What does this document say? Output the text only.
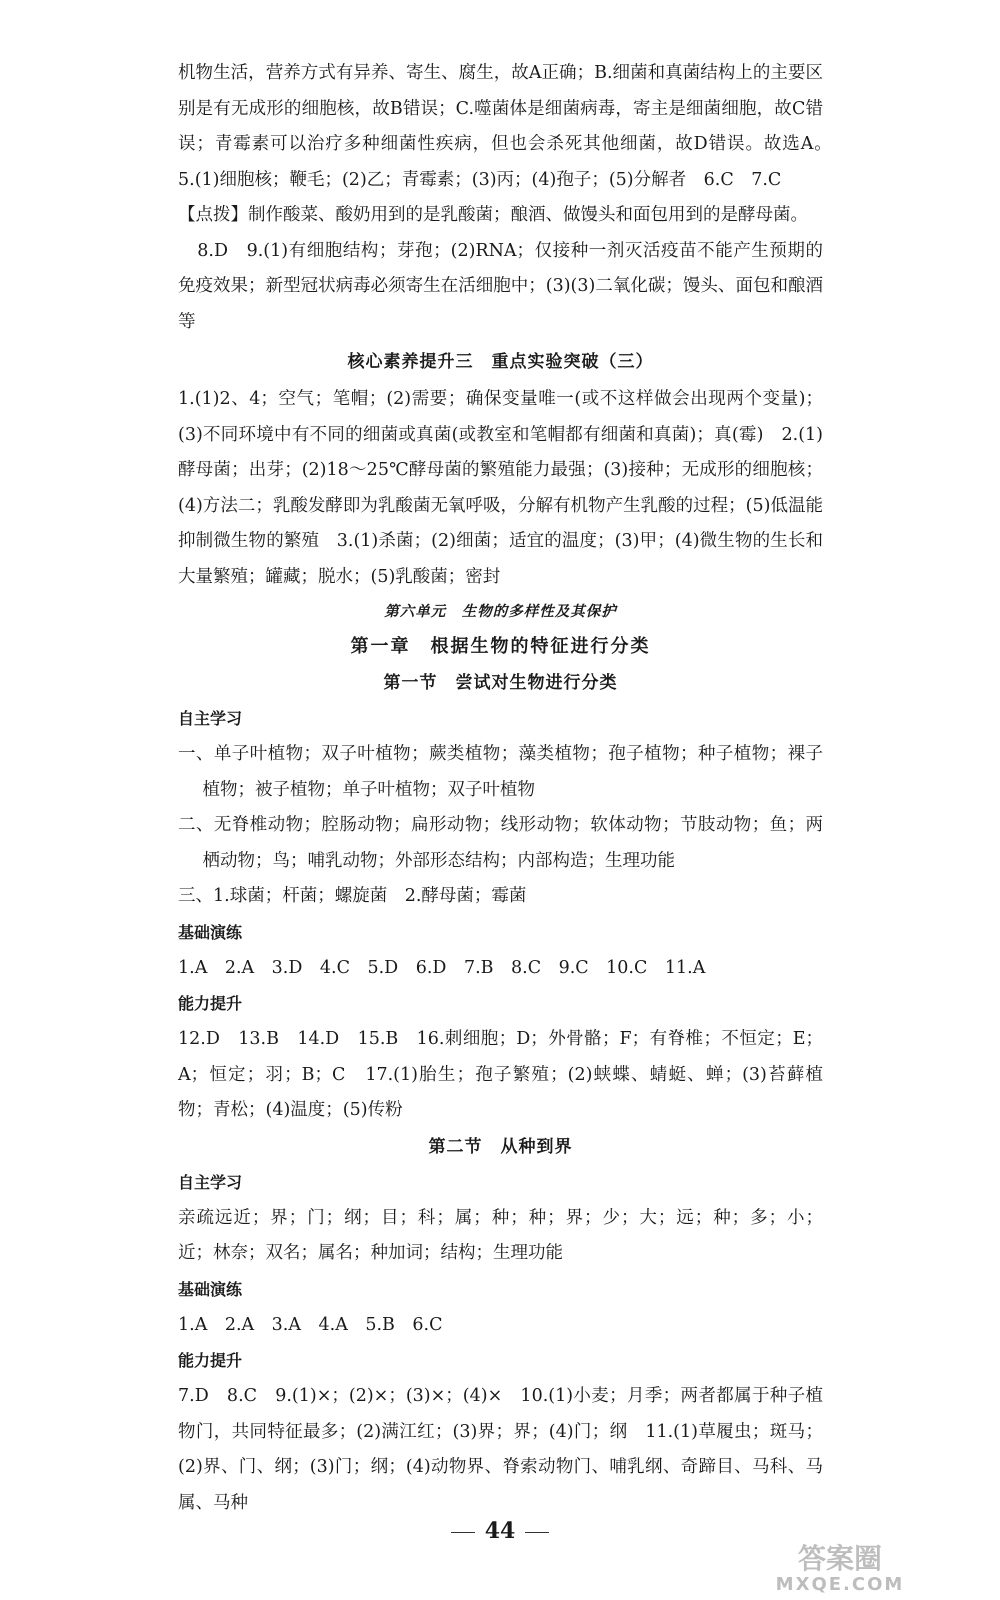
机物生活，营养方式有异养、寄生、腐生，故A正确；B.细菌和真菌结构上的主要区别是有无成形的细胞核，故B错误；C.噬菌体是细菌病毒，寄主是细菌细胞，故C错误；青霉素可以治疗多种细菌性疾病，但也会杀死其他细菌，故D错误。故选A。　5.(1)细胞核；鞭毛；(2)乙；青霉素；(3)丙；(4)孢子；(5)分解者　6.C　7.C

【点拨】制作酸菜、酸奶用到的是乳酸菌；酿酒、做馒头和面包用到的是酵母菌。

8.D　9.(1)有细胞结构；芽孢；(2)RNA；仅接种一剂灭活疫苗不能产生预期的免疫效果；新型冠状病毒必须寄生在活细胞中；(3)(3)二氧化碳；馒头、面包和酿酒等

核心素养提升三　重点实验突破（三）

1.(1)2、4；空气；笔帽；(2)需要；确保变量唯一(或不这样做会出现两个变量)；(3)不同环境中有不同的细菌或真菌(或教室和笔帽都有细菌和真菌)；真(霉)　2.(1)酵母菌；出芽；(2)18～25℃酵母菌的繁殖能力最强；(3)接种；无成形的细胞核；(4)方法二；乳酸发酵即为乳酸菌无氧呼吸，分解有机物产生乳酸的过程；(5)低温能抑制微生物的繁殖　3.(1)杀菌；(2)细菌；适宜的温度；(3)甲；(4)微生物的生长和大量繁殖；罐藏；脱水；(5)乳酸菌；密封

第六单元　生物的多样性及其保护

第一章　根据生物的特征进行分类

第一节　尝试对生物进行分类

自主学习

一、单子叶植物；双子叶植物；蕨类植物；藻类植物；孢子植物；种子植物；裸子植物；被子植物；单子叶植物；双子叶植物

二、无脊椎动物；腔肠动物；扁形动物；线形动物；软体动物；节肢动物；鱼；两栖动物；鸟；哺乳动物；外部形态结构；内部构造；生理功能

三、1.球菌；杆菌；螺旋菌　2.酵母菌；霉菌

基础演练

1.A　2.A　3.D　4.C　5.D　6.D　7.B　8.C　9.C　10.C　11.A

能力提升

12.D　13.B　14.D　15.B　16.刺细胞；D；外骨骼；F；有脊椎；不恒定；E；A；恒定；羽；B；C　17.(1)胎生；孢子繁殖；(2)蛱蝶、蜻蜓、蝉；(3)苔藓植物；青松；(4)温度；(5)传粉

第二节　从种到界

自主学习

亲疏远近；界；门；纲；目；科；属；种；种；界；少；大；远；种；多；小；近；林奈；双名；属名；种加词；结构；生理功能

基础演练

1.A　2.A　3.A　4.A　5.B　6.C

能力提升

7.D　8.C　9.(1)×；(2)×；(3)×；(4)×　10.(1)小麦；月季；两者都属于种子植物门，共同特征最多；(2)满江红；(3)界；界；(4)门；纲　11.(1)草履虫；斑马；(2)界、门、纲；(3)门；纲；(4)动物界、脊索动物门、哺乳纲、奇蹄目、马科、马属、马种

44
答案圈
MXQE.COM
